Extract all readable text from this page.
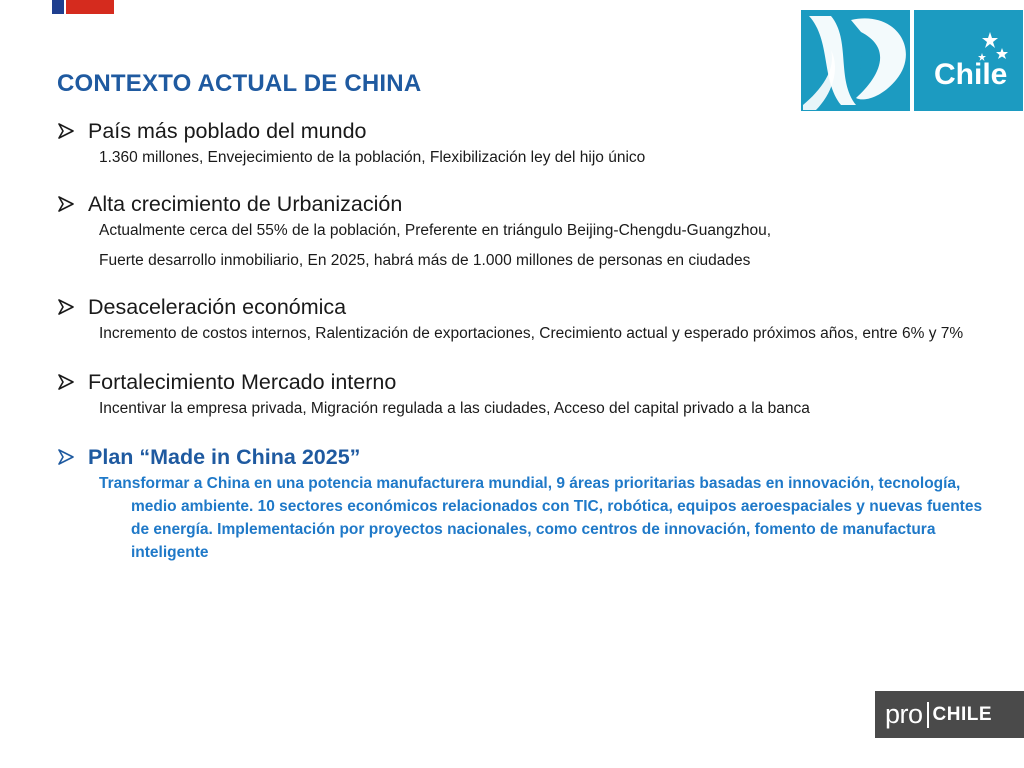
Chile
CONTEXTO ACTUAL DE CHINA
País más poblado del mundo

1.360 millones, Envejecimiento de la población, Flexibilización ley del hijo único

Alta crecimiento de Urbanización

Actualmente cerca del 55% de la población, Preferente en triángulo Beijing-Chengdu-Guangzhou,

Fuerte desarrollo inmobiliario, En 2025, habrá más de 1.000 millones de personas en ciudades

Desaceleración económica

Incremento de costos internos, Ralentización de exportaciones, Crecimiento actual y esperado próximos años, entre 6% y 7%

Fortalecimiento Mercado interno

Incentivar la empresa privada, Migración regulada a las ciudades, Acceso del capital privado a la banca

Plan “Made in China 2025”

Transformar a China en una potencia manufacturera mundial, 9 áreas prioritarias basadas en innovación, tecnología, medio ambiente. 10 sectores económicos relacionados con TIC, robótica, equipos aeroespaciales y nuevas fuentes de energía. Implementación por proyectos nacionales, como centros de innovación, fomento de manufactura inteligente

pro CHILE
